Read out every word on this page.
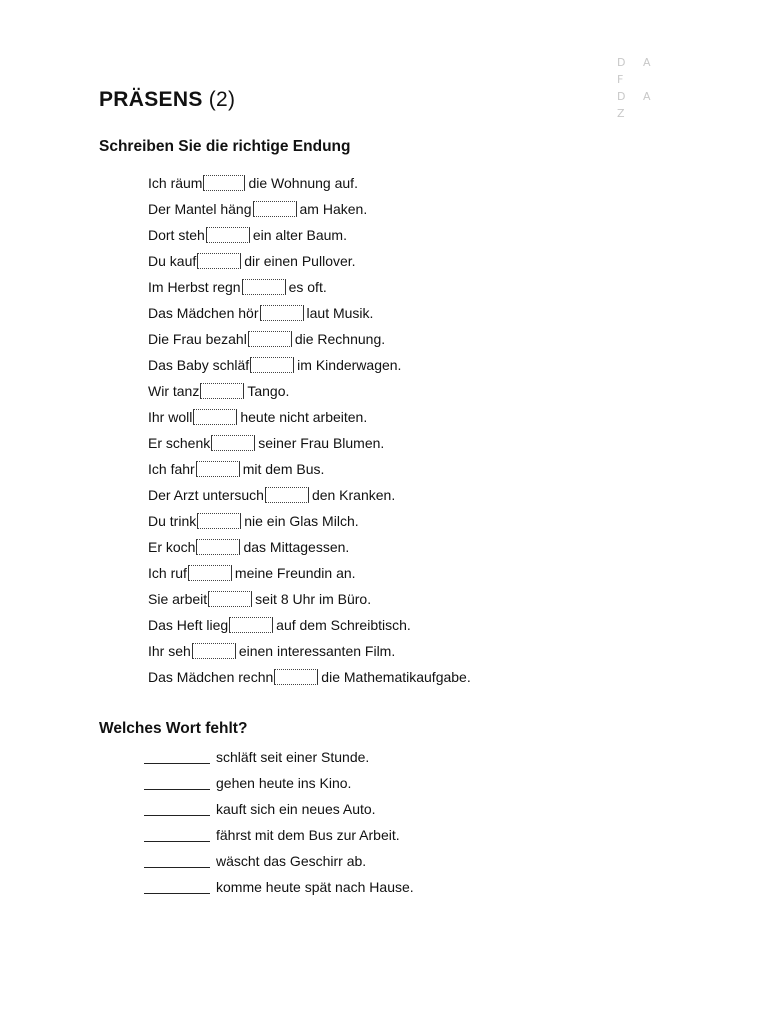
D A F
D A Z
PRÄSENS (2)
Schreiben Sie die richtige Endung
Ich räum	die Wohnung auf.
Der Mantel häng	am Haken.
Dort steh	ein alter Baum.
Du kauf	dir einen Pullover.
Im Herbst regn	es oft.
Das Mädchen hör	laut Musik.
Die Frau bezahl	die Rechnung.
Das Baby schläf	im Kinderwagen.
Wir tanz	Tango.
Ihr woll	heute nicht arbeiten.
Er schenk	seiner Frau Blumen.
Ich fahr	mit dem Bus.
Der Arzt untersuch	den Kranken.
Du trink	nie ein Glas Milch.
Er koch	das Mittagessen.
Ich ruf	meine Freundin an.
Sie arbeit	seit 8 Uhr im Büro.
Das Heft lieg	auf dem Schreibtisch.
Ihr seh	einen interessanten Film.
Das Mädchen rechn	die Mathematikaufgabe.
Welches Wort fehlt?
schläft seit einer Stunde.
gehen heute ins Kino.
kauft sich ein neues Auto.
fährst mit dem Bus zur Arbeit.
wäscht das Geschirr ab.
komme heute spät nach Hause.
